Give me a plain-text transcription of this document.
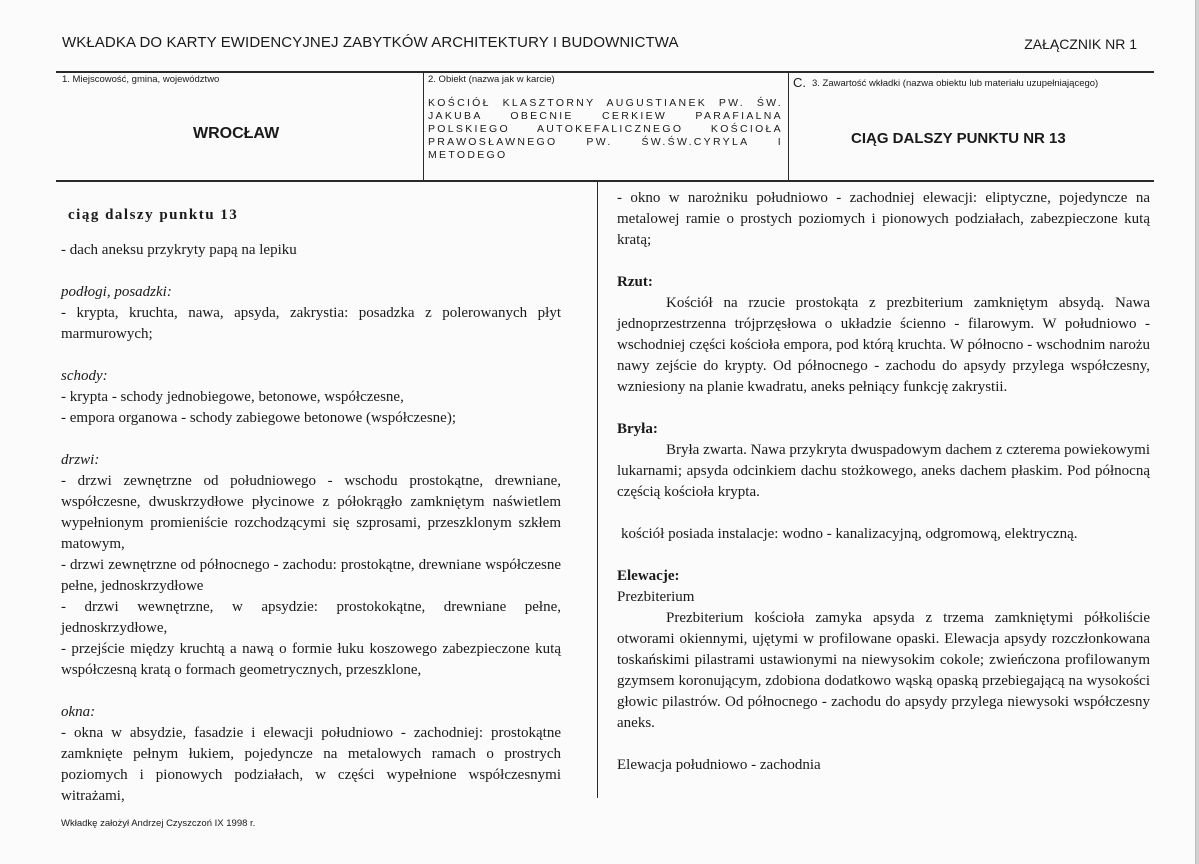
WKŁADKA DO KARTY EWIDENCYJNEJ ZABYTKÓW ARCHITEKTURY I BUDOWNICTWA	ZAŁĄCZNIK NR 1
1. Miejscowość, gmina, województwo
WROCŁAW
2. Obiekt (nazwa jak w karcie)
KOŚCIÓŁ KLASZTORNY AUGUSTIANEK PW. ŚW. JAKUBA OBECNIE CERKIEW PARAFIALNA POLSKIEGO AUTOKEFALICZNEGO KOŚCIOŁA PRAWOSŁAWNEGO PW. ŚW.ŚW.CYRYLA I METODEGO
C. 3. Zawartość wkładki (nazwa obiektu lub materiału uzupełniającego)
CIĄG DALSZY PUNKTU NR 13

ciąg dalszy punktu 13

- dach aneksu przykryty papą na lepiku

podłogi, posadzki:

- krypta, kruchta, nawa, apsyda, zakrystia: posadzka z polerowanych płyt marmurowych;

schody:

- krypta - schody jednobiegowe, betonowe, współczesne,

- empora organowa - schody zabiegowe betonowe (współczesne);

drzwi:

- drzwi zewnętrzne od południowego - wschodu prostokątne, drewniane, współczesne, dwuskrzydłowe płycinowe z półokrągło zamkniętym naświetlem wypełnionym promieniście rozchodzącymi się szprosami, przeszklonym szkłem matowym,

- drzwi zewnętrzne od północnego - zachodu: prostokątne, drewniane współczesne pełne, jednoskrzydłowe

- drzwi wewnętrzne, w apsydzie: prostokokątne, drewniane pełne, jednoskrzydłowe,

- przejście między kruchtą a nawą o formie łuku koszowego zabezpieczone kutą współczesną kratą o formach geometrycznych, przeszklone,

okna:

- okna w absydzie, fasadzie i elewacji południowo - zachodniej: prostokątne zamknięte pełnym łukiem, pojedyncze na metalowych ramach o prostrych poziomych i pionowych podziałach, w części wypełnione współczesnymi witrażami,

- okno w narożniku południowo - zachodniej elewacji: eliptyczne, pojedyncze na metalowej ramie o prostych poziomych i pionowych podziałach, zabezpieczone kutą kratą;

Rzut:

Kościół na rzucie prostokąta z prezbiterium zamkniętym absydą. Nawa jednoprzestrzenna trójprzęsłowa o układzie ścienno - filarowym. W południowo - wschodniej części kościoła empora, pod którą kruchta. W północno - wschodnim narożu nawy zejście do krypty. Od północnego - zachodu do apsydy przylega współczesny, wzniesiony na planie kwadratu, aneks pełniący funkcję zakrystii.

Bryła:

Bryła zwarta. Nawa przykryta dwuspadowym dachem z czterema powiekowymi lukarnami; apsyda odcinkiem dachu stożkowego, aneks dachem płaskim. Pod północną częścią kościoła krypta.

kościół posiada instalacje: wodno - kanalizacyjną, odgromową, elektryczną.

Elewacje:

Prezbiterium

Prezbiterium kościoła zamyka apsyda z trzema zamkniętymi półkoliście otworami okiennymi, ujętymi w profilowane opaski. Elewacja apsydy rozczłonkowana toskańskimi pilastrami ustawionymi na niewysokim cokole; zwieńczona profilowanym gzymsem koronującym, zdobiona dodatkowo wąską opaską przebiegającą na wysokości głowic pilastrów. Od północnego - zachodu do apsydy przylega niewysoki współczesny aneks.

Elewacja południowo - zachodnia

Wkładkę założył Andrzej Czyszczoń IX 1998 r.
